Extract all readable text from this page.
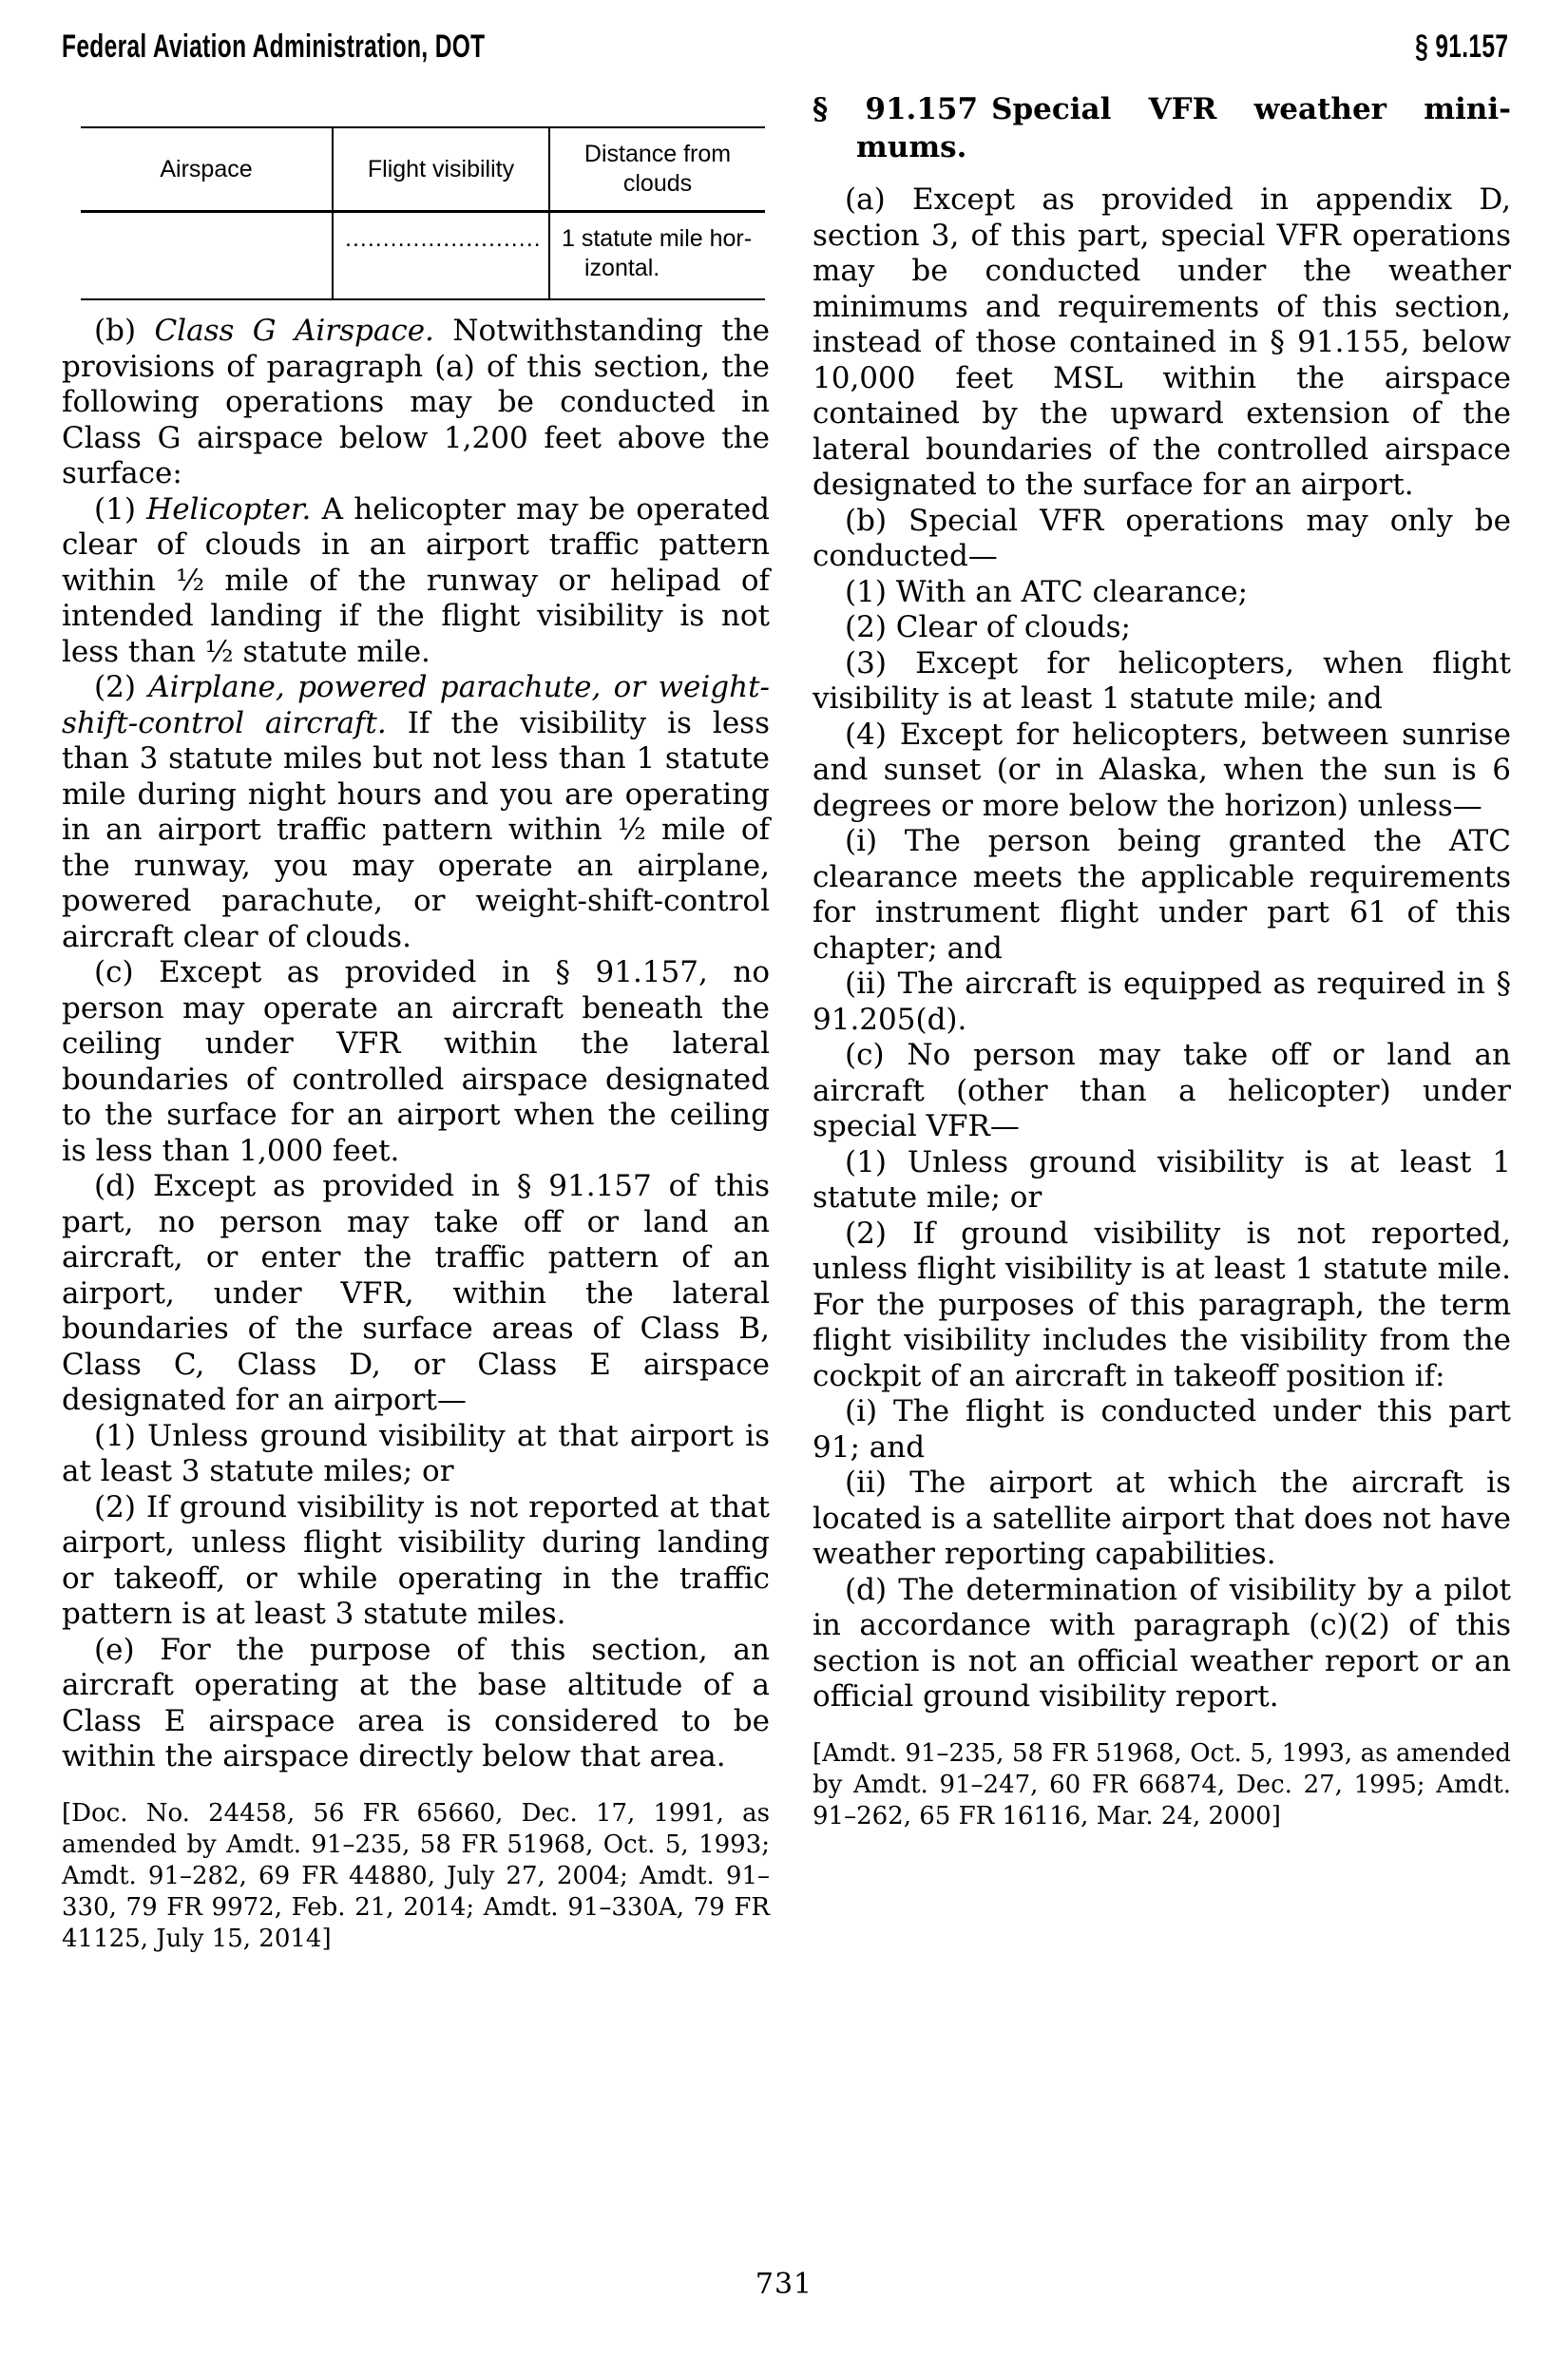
Federal Aviation Administration, DOT	§ 91.157
Airspace	Flight visibility	Distance from clouds
	..........................	1 statute mile hor-
izontal.

(b) Class G Airspace. Notwithstanding the provisions of paragraph (a) of this section, the following operations may be conducted in Class G airspace below 1,200 feet above the surface:

(1) Helicopter. A helicopter may be operated clear of clouds in an airport traffic pattern within ½ mile of the runway or helipad of intended landing if the flight visibility is not less than ½ statute mile.

(2) Airplane, powered parachute, or weight-shift-control aircraft. If the visibility is less than 3 statute miles but not less than 1 statute mile during night hours and you are operating in an airport traffic pattern within ½ mile of the runway, you may operate an airplane, powered parachute, or weight-shift-control aircraft clear of clouds.

(c) Except as provided in § 91.157, no person may operate an aircraft beneath the ceiling under VFR within the lateral boundaries of controlled airspace designated to the surface for an airport when the ceiling is less than 1,000 feet.

(d) Except as provided in § 91.157 of this part, no person may take off or land an aircraft, or enter the traffic pattern of an airport, under VFR, within the lateral boundaries of the surface areas of Class B, Class C, Class D, or Class E airspace designated for an airport—

(1) Unless ground visibility at that airport is at least 3 statute miles; or

(2) If ground visibility is not reported at that airport, unless flight visibility during landing or takeoff, or while operating in the traffic pattern is at least 3 statute miles.

(e) For the purpose of this section, an aircraft operating at the base altitude of a Class E airspace area is considered to be within the airspace directly below that area.

[Doc. No. 24458, 56 FR 65660, Dec. 17, 1991, as amended by Amdt. 91–235, 58 FR 51968, Oct. 5, 1993; Amdt. 91–282, 69 FR 44880, July 27, 2004; Amdt. 91–330, 79 FR 9972, Feb. 21, 2014; Amdt. 91–330A, 79 FR 41125, July 15, 2014]

§ 91.157 Special VFR weather mini-
mums.

(a) Except as provided in appendix D, section 3, of this part, special VFR operations may be conducted under the weather minimums and requirements of this section, instead of those contained in § 91.155, below 10,000 feet MSL within the airspace contained by the upward extension of the lateral boundaries of the controlled airspace designated to the surface for an airport.

(b) Special VFR operations may only be conducted—

(1) With an ATC clearance;

(2) Clear of clouds;

(3) Except for helicopters, when flight visibility is at least 1 statute mile; and

(4) Except for helicopters, between sunrise and sunset (or in Alaska, when the sun is 6 degrees or more below the horizon) unless—

(i) The person being granted the ATC clearance meets the applicable requirements for instrument flight under part 61 of this chapter; and

(ii) The aircraft is equipped as required in § 91.205(d).

(c) No person may take off or land an aircraft (other than a helicopter) under special VFR—

(1) Unless ground visibility is at least 1 statute mile; or

(2) If ground visibility is not reported, unless flight visibility is at least 1 statute mile. For the purposes of this paragraph, the term flight visibility includes the visibility from the cockpit of an aircraft in takeoff position if:

(i) The flight is conducted under this part 91; and

(ii) The airport at which the aircraft is located is a satellite airport that does not have weather reporting capabilities.

(d) The determination of visibility by a pilot in accordance with paragraph (c)(2) of this section is not an official weather report or an official ground visibility report.

[Amdt. 91–235, 58 FR 51968, Oct. 5, 1993, as amended by Amdt. 91–247, 60 FR 66874, Dec. 27, 1995; Amdt. 91–262, 65 FR 16116, Mar. 24, 2000]

731
